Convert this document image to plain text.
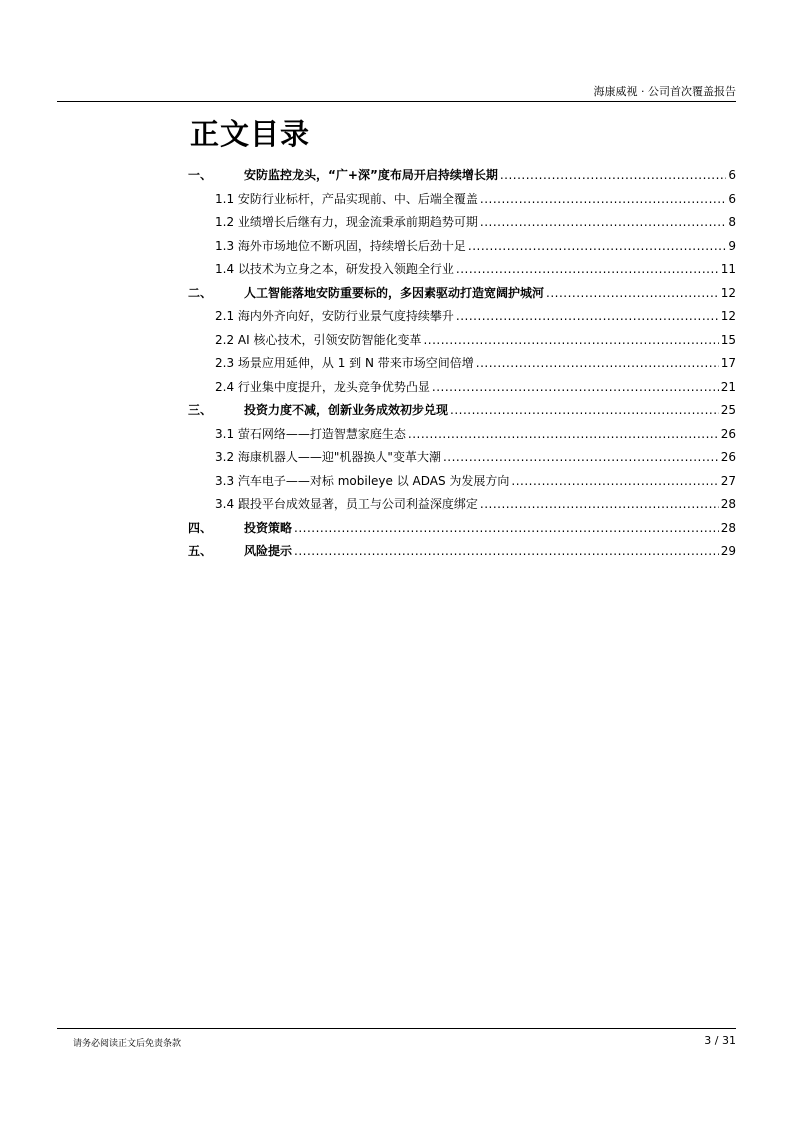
海康威视 · 公司首次覆盖报告
正文目录
一、	安防监控龙头，“广+深”度布局开启持续增长期 .....	6
1.1 安防行业标杆，产品实现前、中、后端全覆盖 .....	6
1.2 业绩增长后继有力，现金流秉承前期趋势可期 .....	8
1.3 海外市场地位不断巩固，持续增长后劲十足 .....	9
1.4 以技术为立身之本，研发投入领跑全行业 .....	11
二、	人工智能落地安防重要标的，多因素驱动打造宽阔护城河 .....	12
2.1 海内外齐向好，安防行业景气度持续攀升 .....	12
2.2 AI 核心技术，引领安防智能化变革 .....	15
2.3 场景应用延伸，从 1 到 N 带来市场空间倍增 .....	17
2.4 行业集中度提升，龙头竞争优势凸显 .....	21
三、	投资力度不减，创新业务成效初步兑现 .....	25
3.1 萤石网络——打造智慧家庭生态 .....	26
3.2 海康机器人——迎"机器换人"变革大潮 .....	26
3.3 汽车电子——对标 mobileye 以 ADAS 为发展方向 .....	27
3.4 跟投平台成效显著，员工与公司利益深度绑定 .....	28
四、	投资策略 .....	28
五、	风险提示 .....	29
请务必阅读正文后免责条款	3 / 31
